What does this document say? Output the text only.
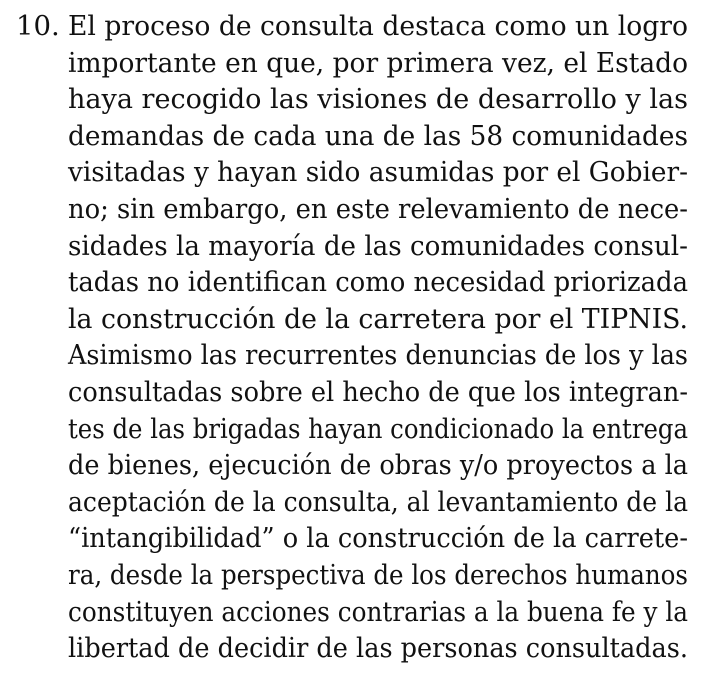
10. El proceso de consulta destaca como un logro
importante en que, por primera vez, el Estado
haya recogido las visiones de desarrollo y las
demandas de cada una de las 58 comunidades
visitadas y hayan sido asumidas por el Gobier-
no; sin embargo, en este relevamiento de nece-
sidades la mayoría de las comunidades consul-
tadas no identifican como necesidad priorizada
la construcción de la carretera por el TIPNIS.
Asimismo las recurrentes denuncias de los y las
consultadas sobre el hecho de que los integran-
tes de las brigadas hayan condicionado la entrega
de bienes, ejecución de obras y/o proyectos a la
aceptación de la consulta, al levantamiento de la
“intangibilidad” o la construcción de la carrete-
ra, desde la perspectiva de los derechos humanos
constituyen acciones contrarias a la buena fe y la
libertad de decidir de las personas consultadas.
